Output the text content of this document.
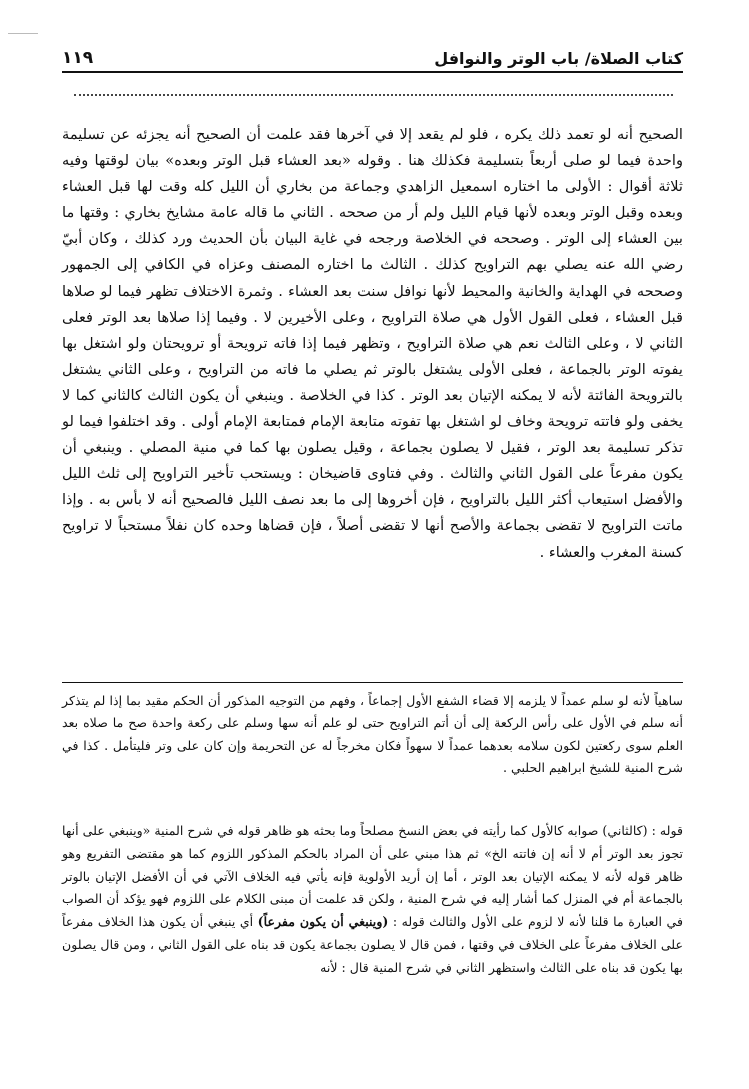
١١٩	كتاب الصلاة/ باب الوتر والنوافل

الصحيح أنه لو تعمد ذلك يكره ، فلو لم يقعد إلا في آخرها فقد علمت أن الصحيح أنه يجزئه عن تسليمة واحدة فيما لو صلى أربعاً بتسليمة فكذلك هنا . وقوله «بعد العشاء قبل الوتر وبعده» بيان لوقتها وفيه ثلاثة أقوال : الأولى ما اختاره اسمعيل الزاهدي وجماعة من بخاري أن الليل كله وقت لها قبل العشاء وبعده وقبل الوتر وبعده لأنها قيام الليل ولم أر من صححه . الثاني ما قاله عامة مشايخ بخاري : وقتها ما بين العشاء إلى الوتر . وصححه في الخلاصة ورجحه في غاية البيان بأن الحديث ورد كذلك ، وكان أبيّ رضي الله عنه يصلي بهم التراويح كذلك . الثالث ما اختاره المصنف وعزاه في الكافي إلى الجمهور وصححه في الهداية والخانية والمحيط لأنها نوافل سنت بعد العشاء . وثمرة الاختلاف تظهر فيما لو صلاها قبل العشاء ، فعلى القول الأول هي صلاة التراويح ، وعلى الأخيرين لا . وفيما إذا صلاها بعد الوتر فعلى الثاني لا ، وعلى الثالث نعم هي صلاة التراويح ، وتظهر فيما إذا فاته ترويحة أو ترويحتان ولو اشتغل بها يفوته الوتر بالجماعة ، فعلى الأولى يشتغل بالوتر ثم يصلي ما فاته من التراويح ، وعلى الثاني يشتغل بالترويحة الفائتة لأنه لا يمكنه الإتيان بعد الوتر . كذا في الخلاصة . وينبغي أن يكون الثالث كالثاني كما لا يخفى ولو فاتته ترويحة وخاف لو اشتغل بها تفوته متابعة الإمام فمتابعة الإمام أولى . وقد اختلفوا فيما لو تذكر تسليمة بعد الوتر ، فقيل لا يصلون بجماعة ، وقيل يصلون بها كما في منية المصلي . وينبغي أن يكون مفرعاً على القول الثاني والثالث . وفي فتاوى قاضيخان : ويستحب تأخير التراويح إلى ثلث الليل والأفضل استيعاب أكثر الليل بالتراويح ، فإن أخروها إلى ما بعد نصف الليل فالصحيح أنه لا بأس به . وإذا ماتت التراويح لا تقضى بجماعة والأصح أنها لا تقضى أصلاً ، فإن قضاها وحده كان نفلاً مستحباً لا تراويح كسنة المغرب والعشاء .

ساهياً لأنه لو سلم عمداً لا يلزمه إلا قضاء الشفع الأول إجماعاً ، وفهم من التوجيه المذكور أن الحكم مقيد بما إذا لم يتذكر أنه سلم في الأول على رأس الركعة إلى أن أتم التراويح حتى لو علم أنه سها وسلم على ركعة واحدة صح ما صلاه بعد العلم سوى ركعتين لكون سلامه بعدهما عمداً لا سهواً فكان مخرجاً له عن التحريمة وإن كان على وتر فليتأمل . كذا في شرح المنية للشيخ ابراهيم الحلبي .

قوله : (كالثاني) صوابه كالأول كما رأيته في بعض النسخ مصلحاً وما بحثه هو ظاهر قوله في شرح المنية «وينبغي على أنها تجوز بعد الوتر أم لا أنه إن فاتته الخ» ثم هذا مبني على أن المراد بالحكم المذكور اللزوم كما هو مقتضى التفريع وهو ظاهر قوله لأنه لا يمكنه الإتيان بعد الوتر ، أما إن أريد الأولوية فإنه يأتي فيه الخلاف الآتي في أن الأفضل الإتيان بالوتر بالجماعة أم في المنزل كما أشار إليه في شرح المنية ، ولكن قد علمت أن مبنى الكلام على اللزوم فهو يؤكد أن الصواب في العبارة ما قلنا لأنه لا لزوم على الأول والثالث قوله : (وينبغي أن يكون مفرعاً) أي ينبغي أن يكون هذا الخلاف مفرعاً على الخلاف مفرعاً على الخلاف في وقتها ، فمن قال لا يصلون بجماعة يكون قد بناه على القول الثاني ، ومن قال يصلون بها يكون قد بناه على الثالث واستظهر الثاني في شرح المنية قال : لأنه
